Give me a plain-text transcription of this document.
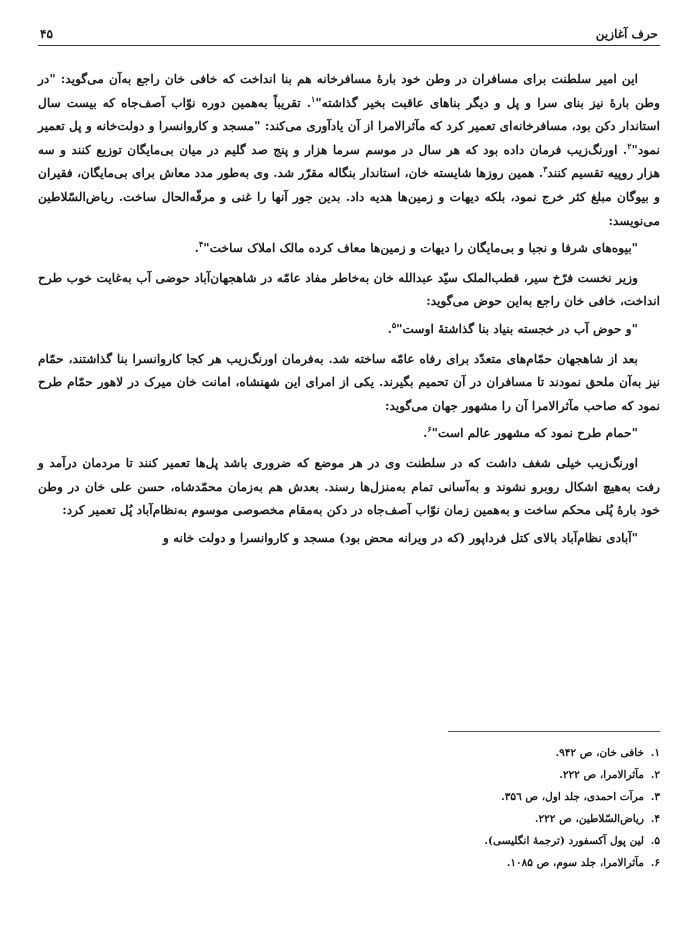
حرف آغازین
۴۵

این امیر سلطنت برای مسافران در وطن خود بارهٔ مسافرخانه هم بنا انداخت که خافی خان راجع به‌آن می‌گوید: "در وطن بارهٔ نیز بنای سرا و پل و دیگر بناهای عاقبت بخیر گذاشته"$^۱$. تقریباً به‌همین دوره نوّاب آصف‌جاه که بیست سال استاندار دکن بود، مسافرخانه‌ای تعمیر کرد که مآثرالامرا از آن یادآوری می‌کند: "مسجد و کاروانسرا و دولت‌خانه و پل تعمیر نمود"$^۲$. اورنگ‌زیب فرمان داده بود که هر سال در موسم سرما هزار و پنج صد گلیم در میان بی‌مایگان توزیع کنند و سه هزار روپیه تقسیم کنند$^۳$. همین روزها شایسته خان، استاندار بنگاله مقرّر شد. وی به‌طور مدد معاش برای بی‌مایگان، فقیران و بیوگان مبلغ کثر خرج نمود، بلکه دیهات و زمین‌ها هدیه داد. بدین جور آنها را غنی و مرفّه‌الحال ساخت. ریاض‌السّلاطین می‌نویسد:

"بیوه‌های شرفا و نجبا و بی‌مایگان را دیهات و زمین‌ها معاف کرده مالک املاک ساخت"$^۴$.

وزیر نخست فرّخ سیر، قطب‌الملک سیّد عبدالله خان به‌خاطر مفاد عامّه در شاهجهان‌آباد حوضی آب به‌غایت خوب طرح انداخت، خافی خان راجع به‌این حوض می‌گوید:

"و حوض آب در خجسته بنیاد بنا گذاشتهٔ اوست"$^۵$.

بعد از شاهجهان حمّام‌های متعدّد برای رفاه عامّه ساخته شد. به‌فرمان اورنگ‌زیب هر کجا کاروانسرا بنا گذاشتند، حمّام نیز به‌آن ملحق نمودند تا مسافران در آن تحمیم بگیرند. یکی از امرای این شهنشاه، امانت خان میرک در لاهور حمّام طرح نمود که صاحب مآثرالامرا آن را مشهور جهان می‌گوید:

"حمام طرح نمود که مشهور عالم است"$^۶$.

اورنگ‌زیب خیلی شغف داشت که در سلطنت وی در هر موضع که ضروری باشد پل‌ها تعمیر کنند تا مردمان درآمد و رفت به‌هیچ اشکال روبرو نشوند و به‌آسانی تمام به‌منزل‌ها رسند. بعدش هم به‌زمان محمّدشاه، حسن علی خان در وطن خود بارهٔ پُلی محکم ساخت و به‌همین زمان نوّاب آصف‌جاه در دکن به‌مقام مخصوصی موسوم به‌نظام‌آباد پُل تعمیر کرد:

"آبادی نظام‌آباد بالای کتل فرداپور (که در ویرانه محض بود) مسجد و کاروانسرا و دولت خانه و

۱.خافی خان، ص ۹۴۲.
۲.مآثرالامرا، ص ۲۲۲.
۳.مرآت احمدی، جلد اول، ص ۳۵٦.
۴.ریاض‌السّلاطین، ص ۲۲۲.
۵.لین پول آکسفورد (ترجمهٔ انگلیسی).
۶.مآثرالامرا، جلد سوم، ص ۱۰۸۵.
